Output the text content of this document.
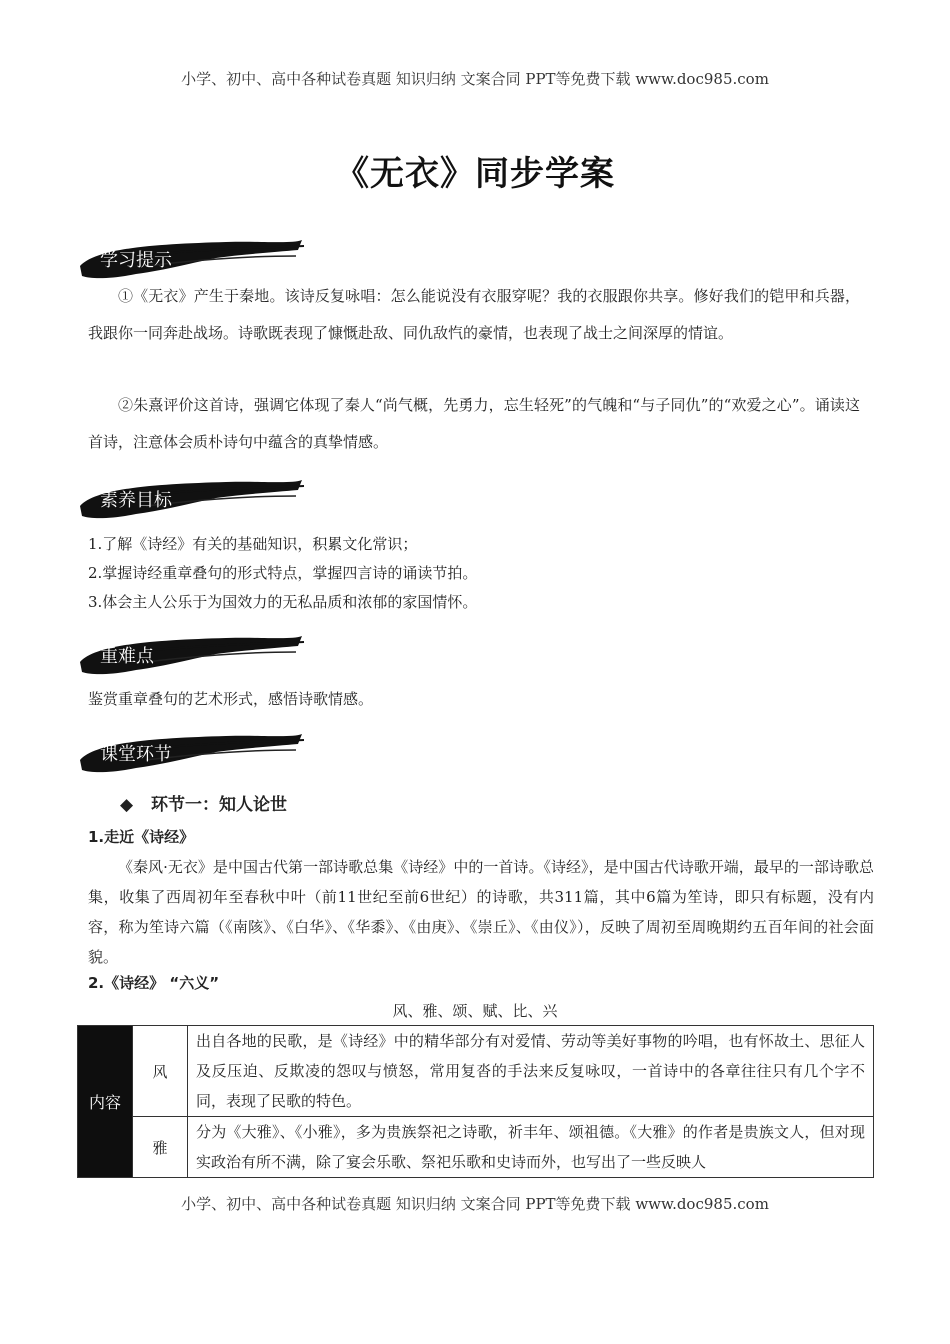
小学、初中、高中各种试卷真题 知识归纳 文案合同 PPT等免费下载 www.doc985.com
《无衣》同步学案
学习提示

①《无衣》产生于秦地。该诗反复咏唱：怎么能说没有衣服穿呢？我的衣服跟你共享。修好我们的铠甲和兵器，我跟你一同奔赴战场。诗歌既表现了慷慨赴敌、同仇敌忾的豪情，也表现了战士之间深厚的情谊。

②朱熹评价这首诗，强调它体现了秦人“尚气概，先勇力，忘生轻死”的气魄和“与子同仇”的“欢爱之心”。诵读这首诗，注意体会质朴诗句中蕴含的真挚情感。

素养目标

1.了解《诗经》有关的基础知识，积累文化常识；

2.掌握诗经重章叠句的形式特点，掌握四言诗的诵读节拍。

3.体会主人公乐于为国效力的无私品质和浓郁的家国情怀。

重难点

鉴赏重章叠句的艺术形式，感悟诗歌情感。

课堂环节
◆ 环节一：知人论世
1.走近《诗经》

《秦风·无衣》是中国古代第一部诗歌总集《诗经》中的一首诗。《诗经》，是中国古代诗歌开端，最早的一部诗歌总集，收集了西周初年至春秋中叶（前11世纪至前6世纪）的诗歌，共311篇，其中6篇为笙诗，即只有标题，没有内容，称为笙诗六篇（《南陔》、《白华》、《华黍》、《由庚》、《崇丘》、《由仪》），反映了周初至周晚期约五百年间的社会面貌。

2.《诗经》 “六义”
风、雅、颂、赋、比、兴
内容	风	出自各地的民歌，是《诗经》中的精华部分有对爱情、劳动等美好事物的吟唱，也有怀故土、思征人及反压迫、反欺凌的怨叹与愤怒，常用复沓的手法来反复咏叹，一首诗中的各章往往只有几个字不同，表现了民歌的特色。
	雅	分为《大雅》、《小雅》，多为贵族祭祀之诗歌，祈丰年、颂祖德。《大雅》的作者是贵族文人，但对现实政治有所不满，除了宴会乐歌、祭祀乐歌和史诗而外，也写出了一些反映人
小学、初中、高中各种试卷真题 知识归纳 文案合同 PPT等免费下载 www.doc985.com
